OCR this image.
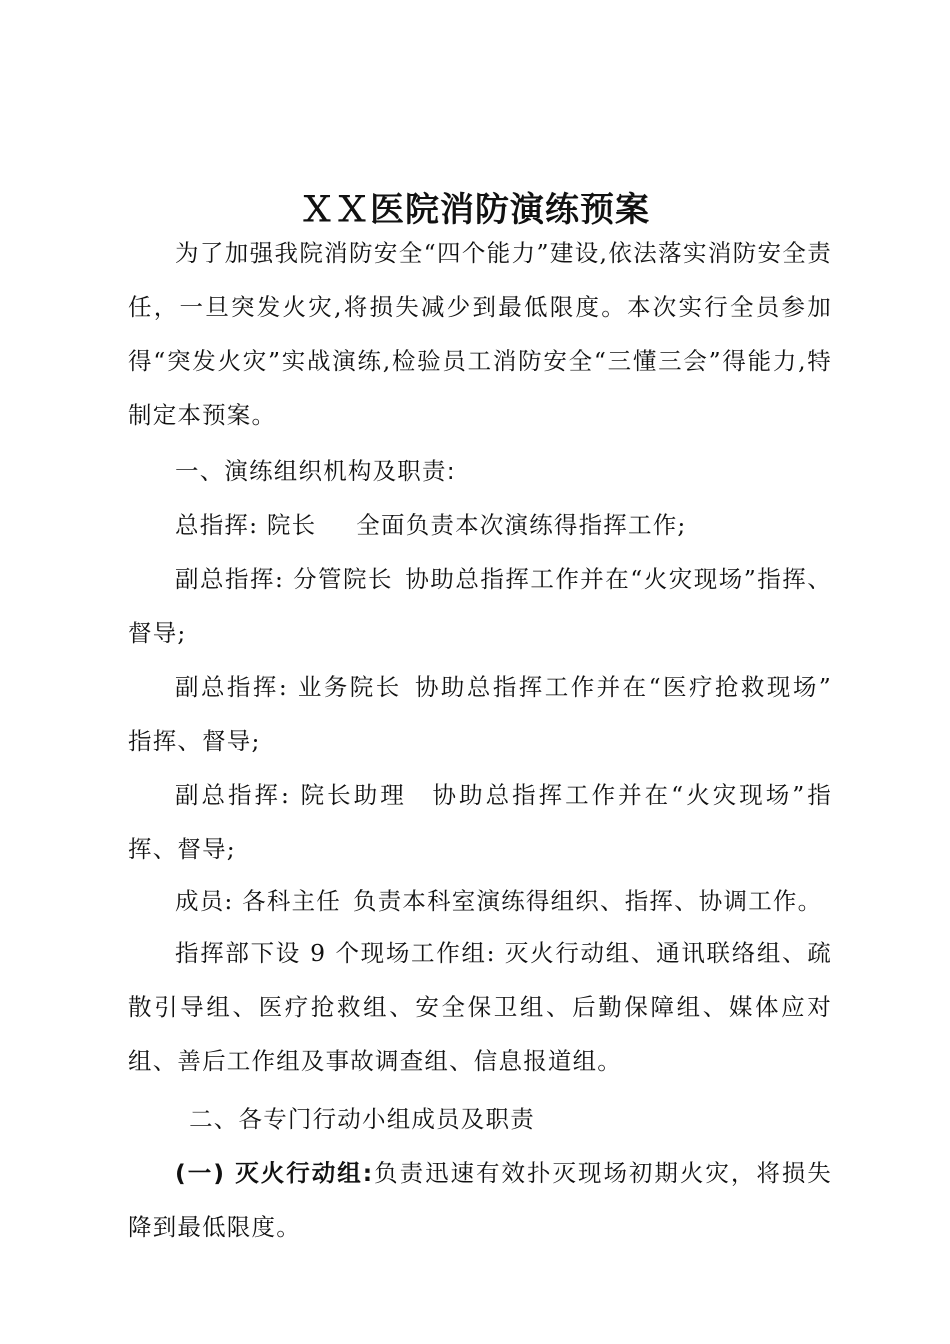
ＸＸ医院消防演练预案

为了加强我院消防安全“四个能力”建设,依法落实消防安全责任，一旦突发火灾,将损失减少到最低限度。本次实行全员参加得“突发火灾”实战演练,检验员工消防安全“三懂三会”得能力,特制定本预案。

一、演练组织机构及职责:

总指挥: 院长 全面负责本次演练得指挥工作;

副总指挥: 分管院长 协助总指挥工作并在“火灾现场”指挥、督导;

副总指挥: 业务院长 协助总指挥工作并在“医疗抢救现场” 指挥、督导;

副总指挥: 院长助理 协助总指挥工作并在“火灾现场”指挥、督导;

成员: 各科主任 负责本科室演练得组织、指挥、协调工作。

指挥部下设 9 个现场工作组: 灭火行动组、通讯联络组、疏散引导组、医疗抢救组、安全保卫组、后勤保障组、媒体应对组、善后工作组及事故调查组、信息报道组。

二、各专门行动小组成员及职责

(一) 灭火行动组:负责迅速有效扑灭现场初期火灾，将损失降到最低限度。
